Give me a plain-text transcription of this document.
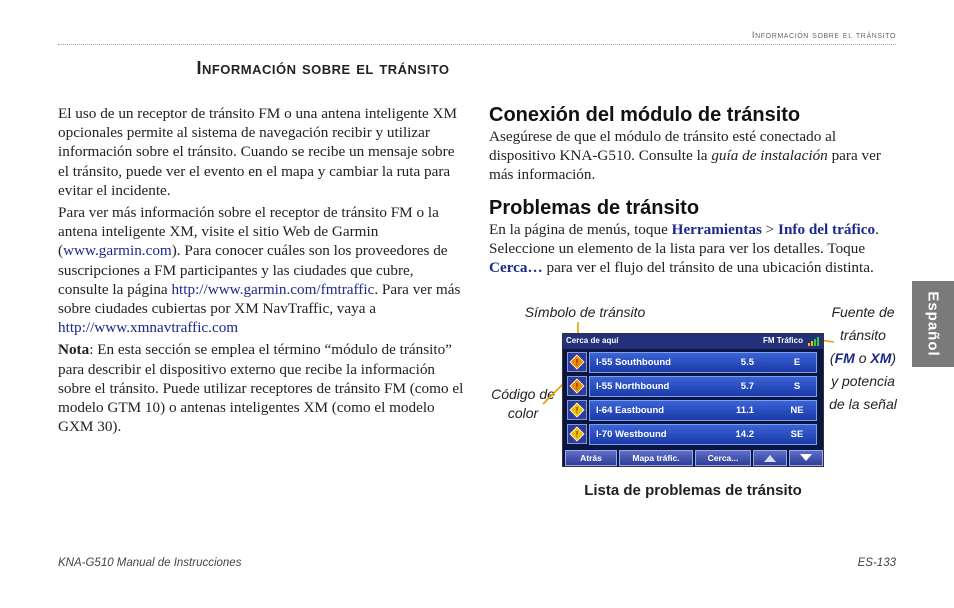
Información sobre el tránsito
Información sobre el tránsito

El uso de un receptor de tránsito FM o una antena inteligente XM opcionales permite al sistema de navegación recibir y utilizar información sobre el tránsito. Cuando se recibe un mensaje sobre el tránsito, puede ver el evento en el mapa y cambiar la ruta para evitar el incidente.

Para ver más información sobre el receptor de tránsito FM o la antena inteligente XM, visite el sitio Web de Garmin (www.garmin.com). Para conocer cuáles son los proveedores de suscripciones a FM participantes y las ciudades que cubre, consulte la página http://www.garmin.com/fmtraffic. Para ver más sobre ciudades cubiertas por XM NavTraffic, vaya a http://www.xmnavtraffic.com

Nota: En esta sección se emplea el término “módulo de tránsito” para describir el dispositivo externo que recibe la información sobre el tránsito. Puede utilizar receptores de tránsito FM (como el modelo GTM 10) o antenas inteligentes XM (como el modelo GXM 30).

Conexión del módulo de tránsito

Asegúrese de que el módulo de tránsito esté conectado al dispositivo KNA-G510. Consulte la guía de instalación para ver más información.

Problemas de tránsito

En la página de menús, toque Herramientas > Info del tráfico. Seleccione un elemento de la lista para ver los detalles. Toque Cerca… para ver el flujo del tránsito de una ubicación distinta.

Símbolo de tránsito
Código de color
Fuente de tránsito (FM o XM) y potencia de la señal
Cerca de aquí	FM Tráfico
! I-55 Southbound	5.5	E
! I-55 Northbound	5.7	S
! I-64 Eastbound	11.1	NE
! I-70 Westbound	14.2	SE
Atrás	Mapa tráfic.	Cerca...
Lista de problemas de tránsito
Español
KNA-G510 Manual de Instrucciones	ES-133
